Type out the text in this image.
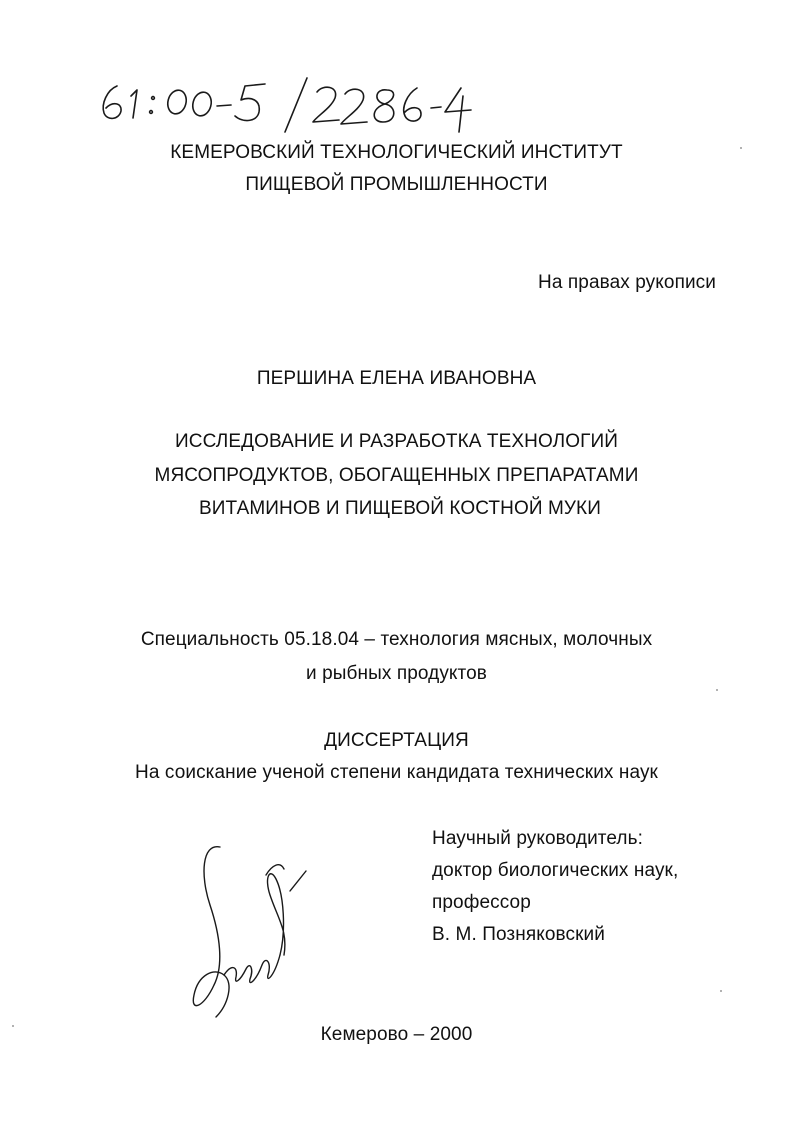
КЕМЕРОВСКИЙ ТЕХНОЛОГИЧЕСКИЙ ИНСТИТУТ
ПИЩЕВОЙ ПРОМЫШЛЕННОСТИ
На правах рукописи
ПЕРШИНА ЕЛЕНА ИВАНОВНА
ИССЛЕДОВАНИЕ И РАЗРАБОТКА ТЕХНОЛОГИЙ
МЯСОПРОДУКТОВ, ОБОГАЩЕННЫХ ПРЕПАРАТАМИ
ВИТАМИНОВ И ПИЩЕВОЙ КОСТНОЙ МУКИ
Специальность 05.18.04 – технология мясных, молочных
и рыбных продуктов
ДИССЕРТАЦИЯ
На соискание ученой степени кандидата технических наук
Научный руководитель:
доктор биологических наук,
профессор
В. М. Позняковский
Кемерово – 2000
